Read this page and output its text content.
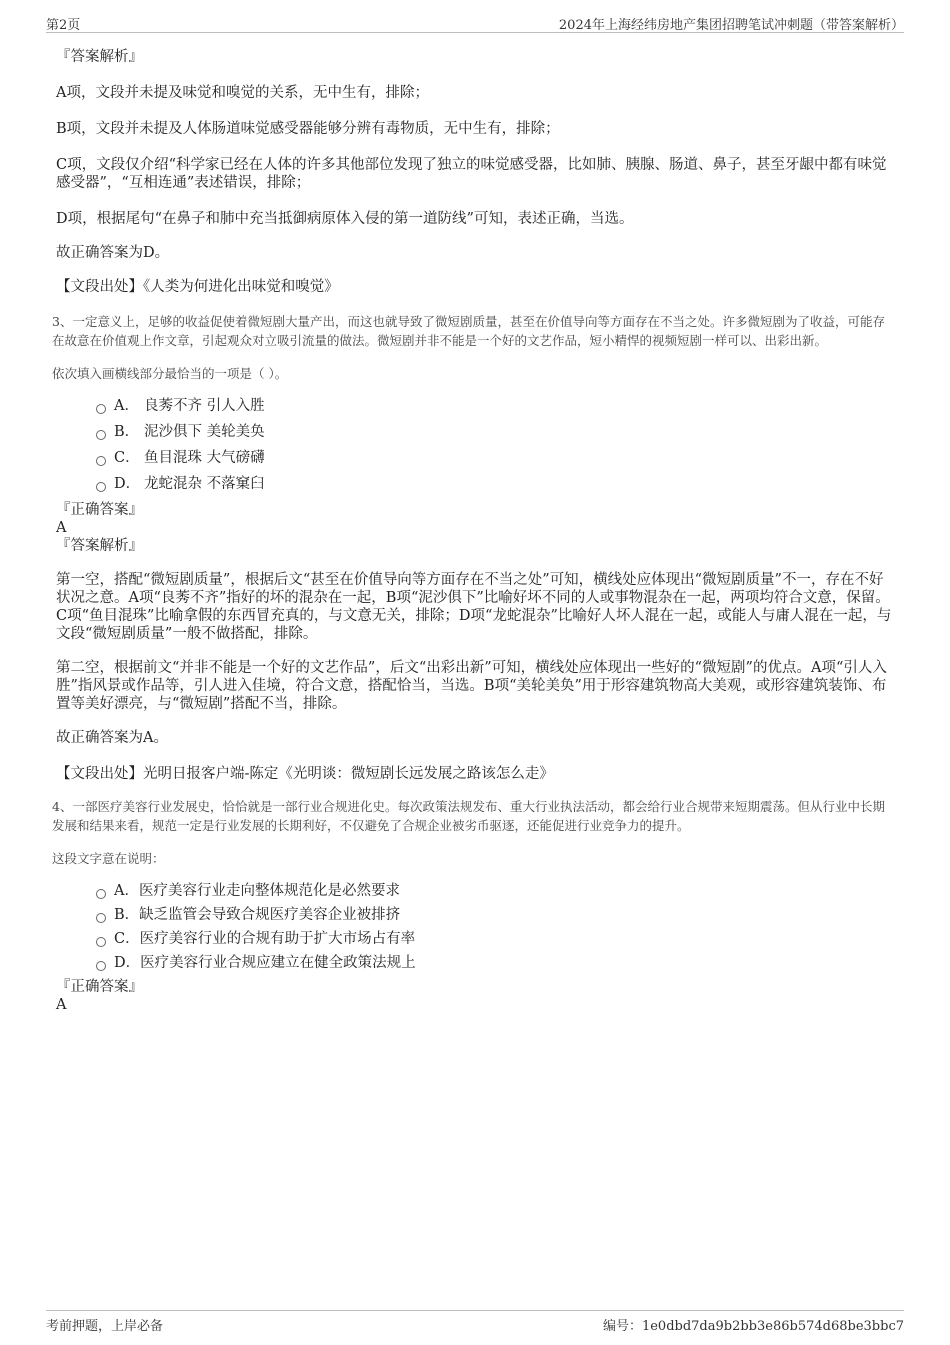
第2页	2024年上海经纬房地产集团招聘笔试冲刺题（带答案解析）

『答案解析』

A项，文段并未提及味觉和嗅觉的关系，无中生有，排除；

B项，文段并未提及人体肠道味觉感受器能够分辨有毒物质，无中生有，排除；

C项，文段仅介绍“科学家已经在人体的许多其他部位发现了独立的味觉感受器，比如肺、胰腺、肠道、鼻子，甚至牙龈中都有味觉感受器”，“互相连通”表述错误，排除；

D项，根据尾句“在鼻子和肺中充当抵御病原体入侵的第一道防线”可知，表述正确，当选。

故正确答案为D。

【文段出处】《人类为何进化出味觉和嗅觉》

3、一定意义上，足够的收益促使着微短剧大量产出，而这也就导致了微短剧质量，甚至在价值导向等方面存在不当之处。许多微短剧为了收益，可能存在故意在价值观上作文章，引起观众对立吸引流量的做法。微短剧并非不能是一个好的文艺作品，短小精悍的视频短剧一样可以、出彩出新。

依次填入画横线部分最恰当的一项是（ ）。

A． 良莠不齐 引人入胜
B． 泥沙俱下 美轮美奂
C． 鱼目混珠 大气磅礴
D． 龙蛇混杂 不落窠臼

『正确答案』

A

『答案解析』

第一空，搭配“微短剧质量”，根据后文“甚至在价值导向等方面存在不当之处”可知，横线处应体现出“微短剧质量”不一，存在不好状况之意。A项“良莠不齐”指好的坏的混杂在一起，B项“泥沙俱下”比喻好坏不同的人或事物混杂在一起，两项均符合文意，保留。C项“鱼目混珠”比喻拿假的东西冒充真的，与文意无关，排除；D项“龙蛇混杂”比喻好人坏人混在一起，或能人与庸人混在一起，与文段“微短剧质量”一般不做搭配，排除。

第二空，根据前文“并非不能是一个好的文艺作品”，后文“出彩出新”可知，横线处应体现出一些好的“微短剧”的优点。A项“引人入胜”指风景或作品等，引人进入佳境，符合文意，搭配恰当，当选。B项“美轮美奂”用于形容建筑物高大美观，或形容建筑装饰、布置等美好漂亮，与“微短剧”搭配不当，排除。

故正确答案为A。

【文段出处】光明日报客户端-陈定《光明谈：微短剧长远发展之路该怎么走》

4、一部医疗美容行业发展史，恰恰就是一部行业合规进化史。每次政策法规发布、重大行业执法活动，都会给行业合规带来短期震荡。但从行业中长期发展和结果来看，规范一定是行业发展的长期利好，不仅避免了合规企业被劣币驱逐，还能促进行业竞争力的提升。

这段文字意在说明：

A．医疗美容行业走向整体规范化是必然要求
B．缺乏监管会导致合规医疗美容企业被排挤
C．医疗美容行业的合规有助于扩大市场占有率
D．医疗美容行业合规应建立在健全政策法规上

『正确答案』

A

考前押题，上岸必备	编号：1e0dbd7da9b2bb3e86b574d68be3bbc7
